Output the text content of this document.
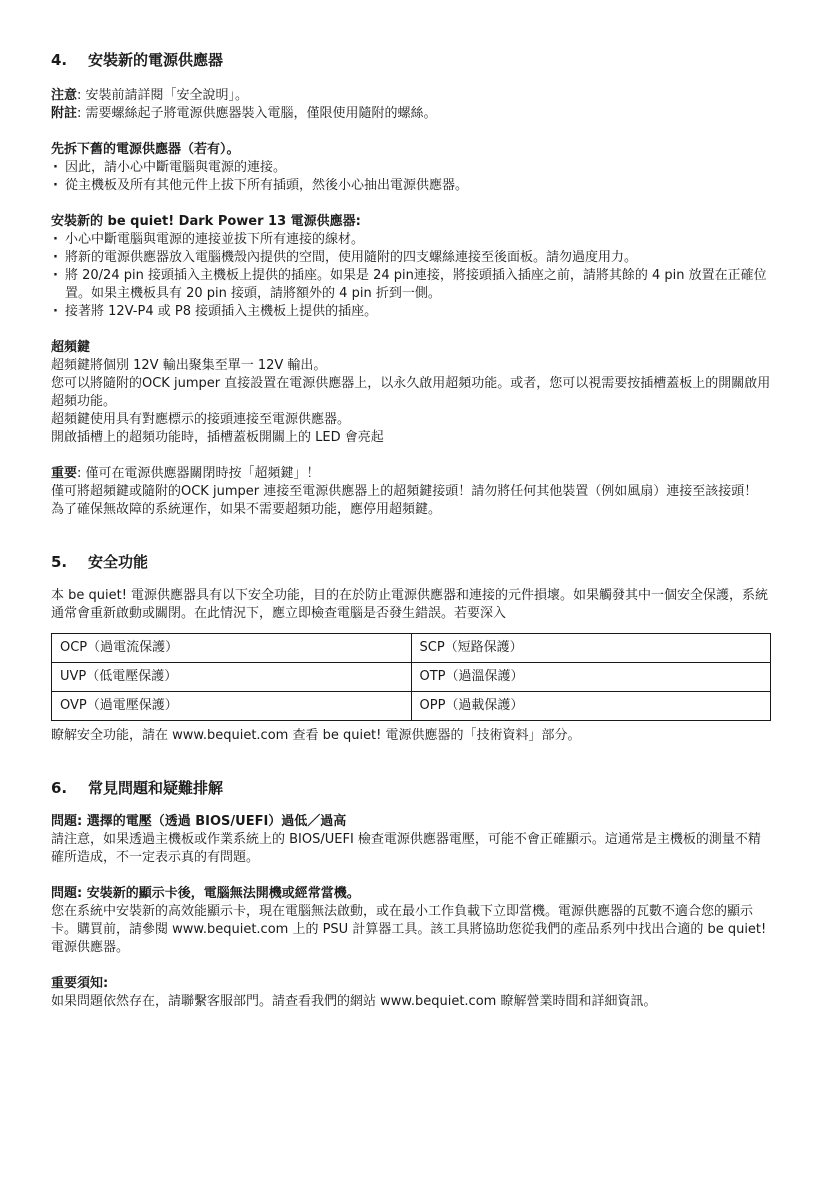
4.	安裝新的電源供應器

注意: 安裝前請詳閱「安全說明」。

附註: 需要螺絲起子將電源供應器裝入電腦，僅限使用隨附的螺絲。

先拆下舊的電源供應器（若有）。

· 因此，請小心中斷電腦與電源的連接。
· 從主機板及所有其他元件上拔下所有插頭，然後小心抽出電源供應器。

安裝新的 be quiet! Dark Power 13 電源供應器:

· 小心中斷電腦與電源的連接並拔下所有連接的線材。
· 將新的電源供應器放入電腦機殼內提供的空間，使用隨附的四支螺絲連接至後面板。請勿過度用力。
· 將 20/24 pin 接頭插入主機板上提供的插座。如果是 24 pin連接，將接頭插入插座之前，請將其餘的 4 pin 放置在正確位置。如果主機板具有 20 pin 接頭，請將額外的 4 pin 折到一側。
· 接著將 12V-P4 或 P8 接頭插入主機板上提供的插座。

超頻鍵

超頻鍵將個別 12V 輸出聚集至單一 12V 輸出。

您可以將隨附的OCK jumper 直接設置在電源供應器上，以永久啟用超頻功能。或者，您可以視需要按插槽蓋板上的開關啟用超頻功能。

超頻鍵使用具有對應標示的接頭連接至電源供應器。

開啟插槽上的超頻功能時，插槽蓋板開關上的 LED 會亮起

重要: 僅可在電源供應器關閉時按「超頻鍵」！

僅可將超頻鍵或隨附的OCK jumper 連接至電源供應器上的超頻鍵接頭！請勿將任何其他裝置（例如風扇）連接至該接頭！

為了確保無故障的系統運作，如果不需要超頻功能，應停用超頻鍵。

5.	安全功能

本 be quiet! 電源供應器具有以下安全功能，目的在於防止電源供應器和連接的元件損壞。如果觸發其中一個安全保護，系統通常會重新啟動或關閉。在此情況下，應立即檢查電腦是否發生錯誤。若要深入

OCP（過電流保護）	SCP（短路保護）
UVP（低電壓保護）	OTP（過溫保護）
OVP（過電壓保護）	OPP（過載保護）

瞭解安全功能，請在 www.bequiet.com 查看 be quiet! 電源供應器的「技術資料」部分。

6.	常見問題和疑難排解

問題: 選擇的電壓（透過 BIOS/UEFI）過低／過高

請注意，如果透過主機板或作業系統上的 BIOS/UEFI 檢查電源供應器電壓，可能不會正確顯示。這通常是主機板的測量不精確所造成，不一定表示真的有問題。

問題: 安裝新的顯示卡後，電腦無法開機或經常當機。

您在系統中安裝新的高效能顯示卡，現在電腦無法啟動，或在最小工作負載下立即當機。電源供應器的瓦數不適合您的顯示卡。購買前，請參閱 www.bequiet.com 上的 PSU 計算器工具。該工具將協助您從我們的產品系列中找出合適的 be quiet! 電源供應器。

重要須知:

如果問題依然存在，請聯繫客服部門。請查看我們的網站 www.bequiet.com 瞭解營業時間和詳細資訊。
